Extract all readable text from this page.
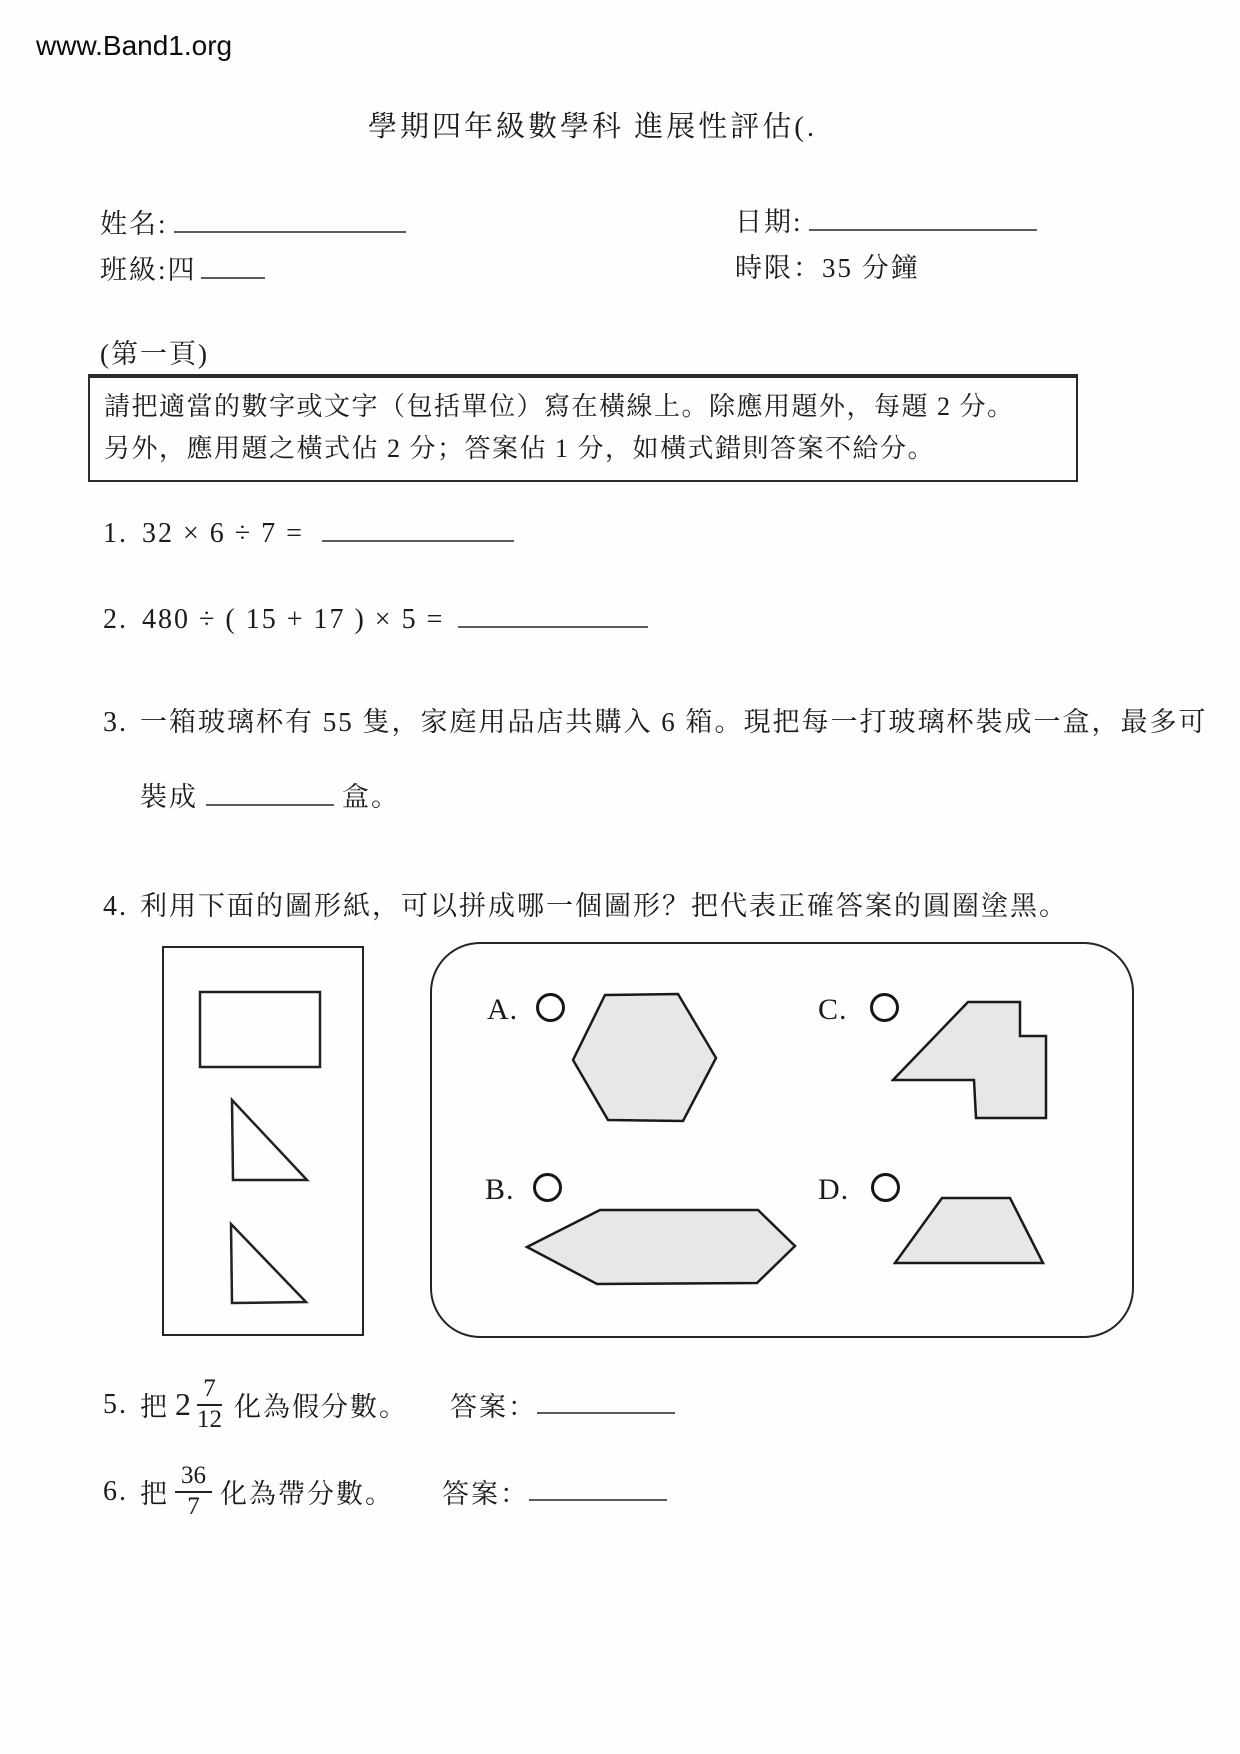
www.Band1.org
學期四年級數學科 進展性評估(.
姓名:	日期:
班級:四	時限：35 分鐘
(第一頁)
請把適當的數字或文字（包括單位）寫在橫線上。除應用題外，每題 2 分。
另外，應用題之橫式佔 2 分；答案佔 1 分，如橫式錯則答案不給分。
1. 32 × 6 ÷ 7 =
2. 480 ÷ ( 15 + 17 ) × 5 =
3. 一箱玻璃杯有 55 隻，家庭用品店共購入 6 箱。現把每一打玻璃杯裝成一盒，最多可
裝成	盒。
4. 利用下面的圖形紙，可以拼成哪一個圖形？把代表正確答案的圓圈塗黑。
A.	C.
B.	D.
5. 把 $2 \frac{7}{12}$ 化為假分數。 答案：
6. 把 $\frac{36}{7}$ 化為帶分數。 答案：
